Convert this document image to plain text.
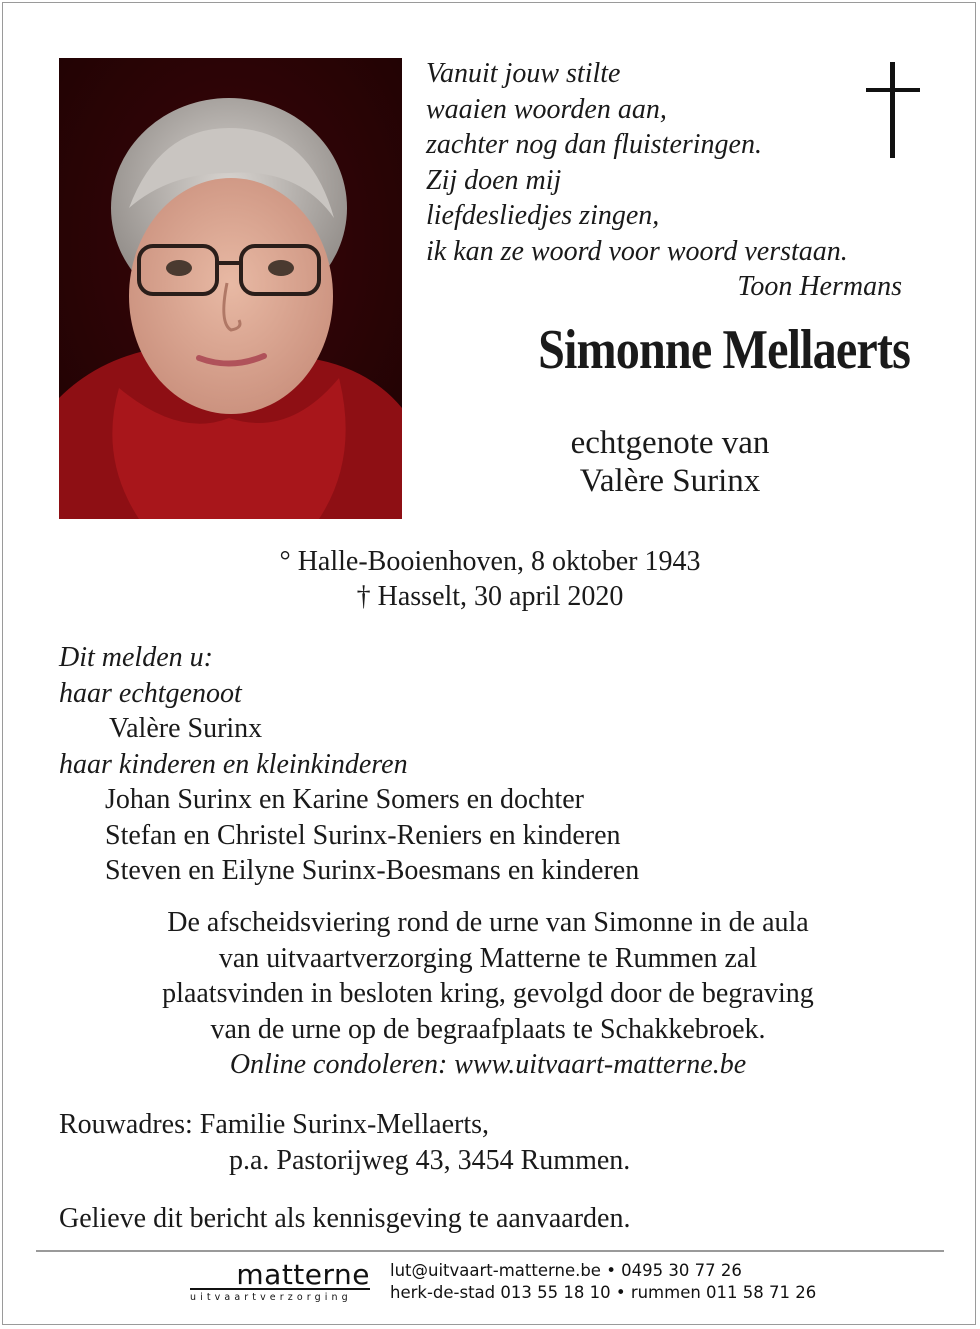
Vanuit jouw stilte
waaien woorden aan,
zachter nog dan fluisteringen.
Zij doen mij
liefdesliedjes zingen,
ik kan ze woord voor woord verstaan.
Toon Hermans
Simonne Mellaerts
echtgenote van
Valère Surinx
° Halle-Booienhoven, 8 oktober 1943
† Hasselt, 30 april 2020
Dit melden u:
haar echtgenoot
Valère Surinx
haar kinderen en kleinkinderen
Johan Surinx en Karine Somers en dochter
Stefan en Christel Surinx-Reniers en kinderen
Steven en Eilyne Surinx-Boesmans en kinderen
De afscheidsviering rond de urne van Simonne in de aula
van uitvaartverzorging Matterne te Rummen zal
plaatsvinden in besloten kring, gevolgd door de begraving
van de urne op de begraafplaats te Schakkebroek.
Online condoleren: www.uitvaart-matterne.be
Rouwadres: Familie Surinx-Mellaerts,
p.a. Pastorijweg 43, 3454 Rummen.
Gelieve dit bericht als kennisgeving te aanvaarden.
matterne
uitvaartverzorging
lut@uitvaart-matterne.be • 0495 30 77 26
herk-de-stad 013 55 18 10 • rummen 011 58 71 26
